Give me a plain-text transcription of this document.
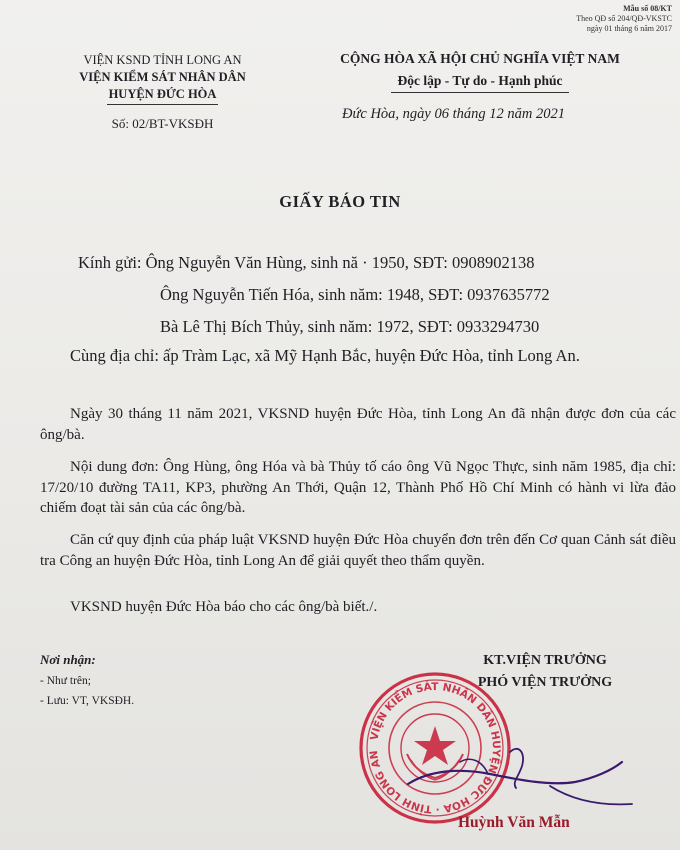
Mẫu số 08/KT
Theo QĐ số 204/QĐ-VKSTC
ngày 01 tháng 6 năm 2017
VIỆN KSND TỈNH LONG AN
VIỆN KIỂM SÁT NHÂN DÂN
HUYỆN ĐỨC HÒA
Số: 02/BT-VKSĐH
CỘNG HÒA XÃ HỘI CHỦ NGHĨA VIỆT NAM
Độc lập - Tự do - Hạnh phúc
Đức Hòa, ngày 06 tháng 12 năm 2021
GIẤY BÁO TIN
Kính gửi: Ông Nguyễn Văn Hùng, sinh nă · 1950, SĐT: 0908902138
Ông Nguyễn Tiến Hóa, sinh năm: 1948, SĐT: 0937635772
Bà Lê Thị Bích Thủy, sinh năm: 1972, SĐT: 0933294730
Cùng địa chỉ: ấp Tràm Lạc, xã Mỹ Hạnh Bắc, huyện Đức Hòa, tỉnh Long An.
Ngày 30 tháng 11 năm 2021, VKSND huyện Đức Hòa, tỉnh Long An đã nhận được đơn của các ông/bà.
Nội dung đơn: Ông Hùng, ông Hóa và bà Thủy tố cáo ông Vũ Ngọc Thực, sinh năm 1985, địa chỉ: 17/20/10 đường TA11, KP3, phường An Thới, Quận 12, Thành Phố Hồ Chí Minh có hành vi lừa đảo chiếm đoạt tài sản của các ông/bà.
Căn cứ quy định của pháp luật VKSND huyện Đức Hòa chuyển đơn trên đến Cơ quan Cảnh sát điều tra Công an huyện Đức Hòa, tỉnh Long An để giải quyết theo thẩm quyền.
VKSND huyện Đức Hòa báo cho các ông/bà biết./.
Nơi nhận:
- Như trên;
- Lưu: VT, VKSĐH.
KT.VIỆN TRƯỞNG
PHÓ VIỆN TRƯỞNG
VIỆN KIỂM SÁT NHÂN DÂN HUYỆN ĐỨC HÒA · TỈNH LONG AN
Huỳnh Văn Mẫn
